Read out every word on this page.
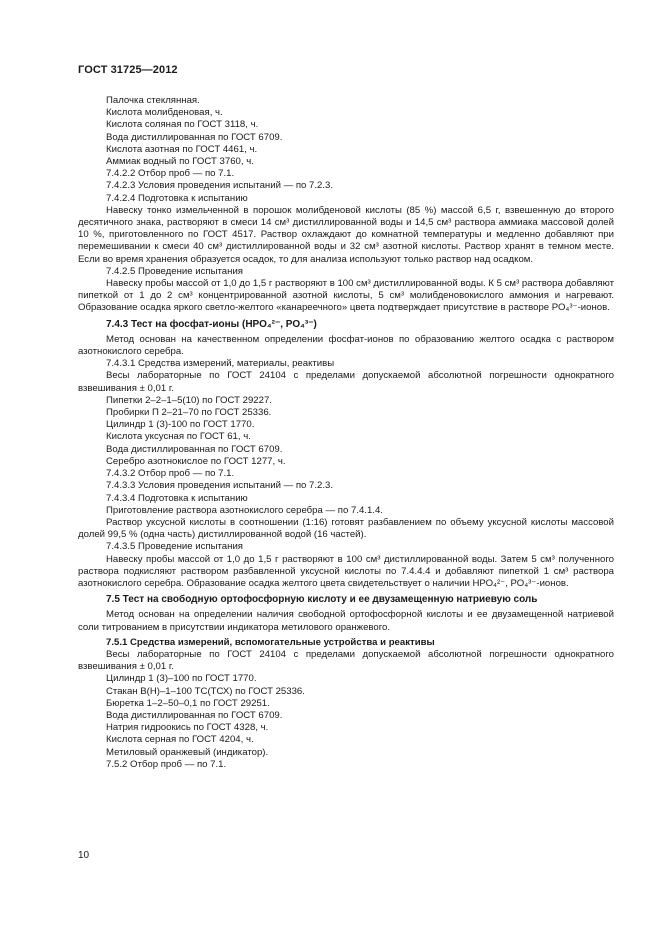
ГОСТ 31725—2012

Палочка стеклянная.

Кислота молибденовая, ч.

Кислота соляная по ГОСТ 3118, ч.

Вода дистиллированная по ГОСТ 6709.

Кислота азотная по ГОСТ 4461, ч.

Аммиак водный по ГОСТ 3760, ч.

7.4.2.2 Отбор проб — по 7.1.

7.4.2.3 Условия проведения испытаний — по 7.2.3.

7.4.2.4 Подготовка к испытанию

Навеску тонко измельченной в порошок молибденовой кислоты (85 %) массой 6,5 г, взвешенную до второго десятичного знака, растворяют в смеси 14 см³ дистиллированной воды и 14,5 см³ раствора аммиака массовой долей 10 %, приготовленного по ГОСТ 4517. Раствор охлаждают до комнатной температуры и медленно добавляют при перемешивании к смеси 40 см³ дистиллированной воды и 32 см³ азотной кислоты. Раствор хранят в темном месте. Если во время хранения образуется осадок, то для анализа используют только раствор над осадком.

7.4.2.5 Проведение испытания

Навеску пробы массой от 1,0 до 1,5 г растворяют в 100 см³ дистиллированной воды. К 5 см³ раствора добавляют пипеткой от 1 до 2 см³ концентрированной азотной кислоты, 5 см³ молибденовокислого аммония и нагревают. Образование осадка яркого светло-желтого «канареечного» цвета подтверждает присутствие в растворе РО₄³⁻-ионов.

7.4.3 Тест на фосфат-ионы (НРО₄²⁻, РО₄³⁻)

Метод основан на качественном определении фосфат-ионов по образованию желтого осадка с раствором азотнокислого серебра.

7.4.3.1 Средства измерений, материалы, реактивы

Весы лабораторные по ГОСТ 24104 с пределами допускаемой абсолютной погрешности однократного взвешивания ± 0,01 г.

Пипетки 2–2–1–5(10) по ГОСТ 29227.

Пробирки П 2–21–70 по ГОСТ 25336.

Цилиндр 1 (3)-100 по ГОСТ 1770.

Кислота уксусная по ГОСТ 61, ч.

Вода дистиллированная по ГОСТ 6709.

Серебро азотнокислое по ГОСТ 1277, ч.

7.4.3.2 Отбор проб — по 7.1.

7.4.3.3 Условия проведения испытаний — по 7.2.3.

7.4.3.4 Подготовка к испытанию

Приготовление раствора азотнокислого серебра — по 7.4.1.4.

Раствор уксусной кислоты в соотношении (1:16) готовят разбавлением по объему уксусной кислоты массовой долей 99,5 % (одна часть) дистиллированной водой (16 частей).

7.4.3.5 Проведение испытания

Навеску пробы массой от 1,0 до 1,5 г растворяют в 100 см³ дистиллированной воды. Затем 5 см³ полученного раствора подкисляют раствором разбавленной уксусной кислоты по 7.4.4.4 и добавляют пипеткой 1 см³ раствора азотнокислого серебра. Образование осадка желтого цвета свидетельствует о наличии НРО₄²⁻, РО₄³⁻-ионов.

7.5 Тест на свободную ортофосфорную кислоту и ее двузамещенную натриевую соль

Метод основан на определении наличия свободной ортофосфорной кислоты и ее двузамещенной натриевой соли титрованием в присутствии индикатора метилового оранжевого.

7.5.1 Средства измерений, вспомогательные устройства и реактивы

Весы лабораторные по ГОСТ 24104 с пределами допускаемой абсолютной погрешности однократного взвешивания ± 0,01 г.

Цилиндр 1 (3)–100 по ГОСТ 1770.

Стакан В(Н)–1–100 ТС(ТСХ) по ГОСТ 25336.

Бюретка 1–2–50–0,1 по ГОСТ 29251.

Вода дистиллированная по ГОСТ 6709.

Натрия гидроокись по ГОСТ 4328, ч.

Кислота серная по ГОСТ 4204, ч.

Метиловый оранжевый (индикатор).

7.5.2 Отбор проб — по 7.1.

10
